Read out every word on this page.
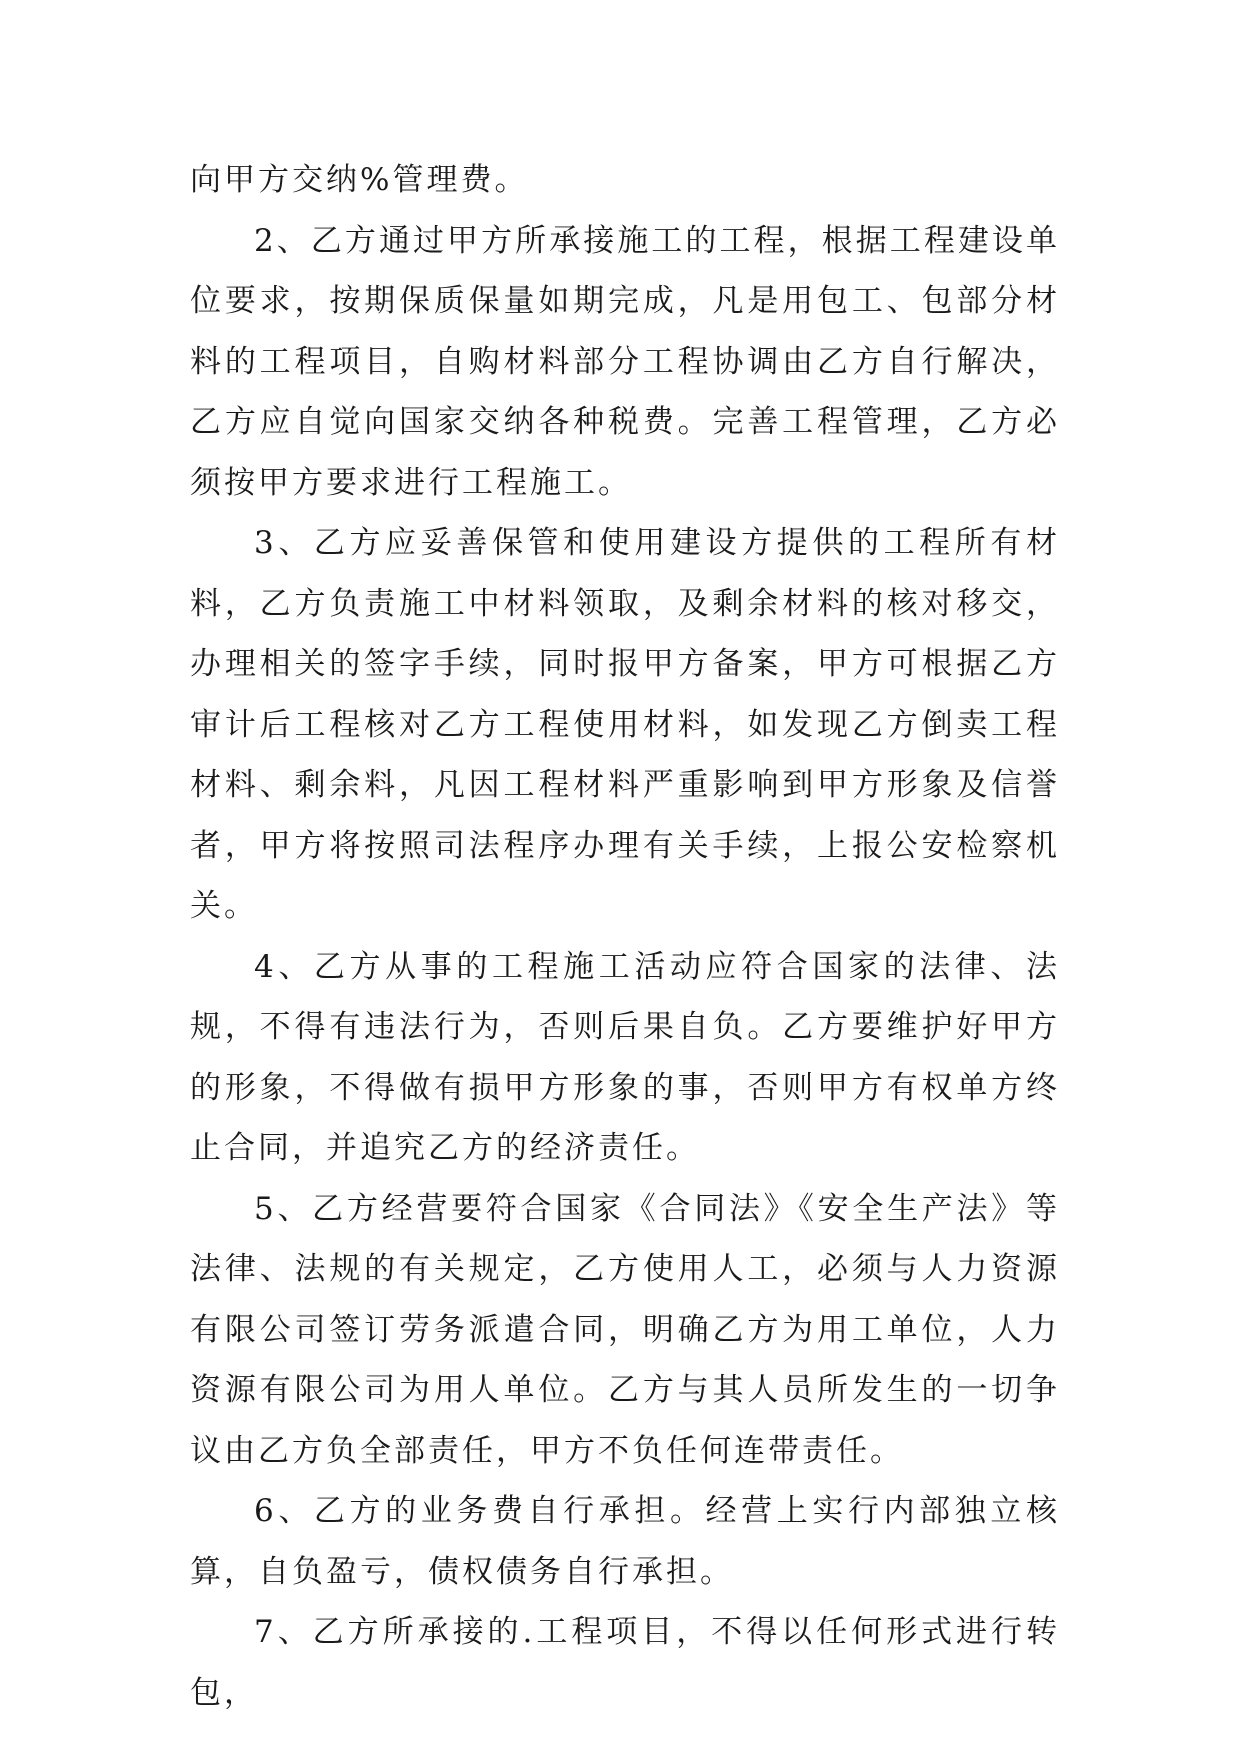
向甲方交纳%管理费。

2、乙方通过甲方所承接施工的工程，根据工程建设单位要求，按期保质保量如期完成，凡是用包工、包部分材料的工程项目，自购材料部分工程协调由乙方自行解决，乙方应自觉向国家交纳各种税费。完善工程管理，乙方必须按甲方要求进行工程施工。

3、乙方应妥善保管和使用建设方提供的工程所有材料，乙方负责施工中材料领取，及剩余材料的核对移交，办理相关的签字手续，同时报甲方备案，甲方可根据乙方审计后工程核对乙方工程使用材料，如发现乙方倒卖工程材料、剩余料，凡因工程材料严重影响到甲方形象及信誉者，甲方将按照司法程序办理有关手续，上报公安检察机关。

4、乙方从事的工程施工活动应符合国家的法律、法规，不得有违法行为，否则后果自负。乙方要维护好甲方的形象，不得做有损甲方形象的事，否则甲方有权单方终止合同，并追究乙方的经济责任。

5、乙方经营要符合国家《合同法》《安全生产法》等法律、法规的有关规定，乙方使用人工，必须与人力资源有限公司签订劳务派遣合同，明确乙方为用工单位，人力资源有限公司为用人单位。乙方与其人员所发生的一切争议由乙方负全部责任，甲方不负任何连带责任。

6、乙方的业务费自行承担。经营上实行内部独立核算，自负盈亏，债权债务自行承担。

7、乙方所承接的.工程项目，不得以任何形式进行转包，
